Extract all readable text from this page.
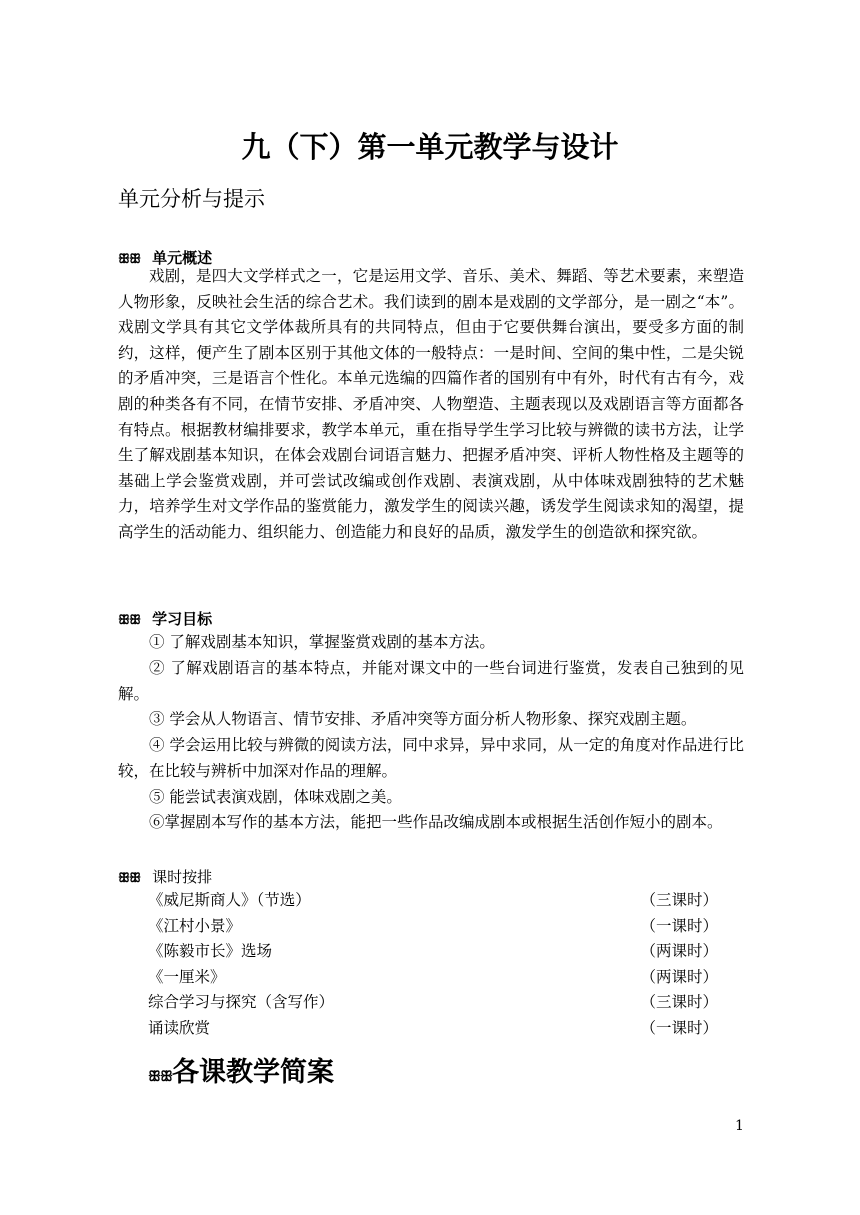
九（下）第一单元教学与设计
单元分析与提示
ꕥꕥ 单元概述
戏剧，是四大文学样式之一，它是运用文学、音乐、美术、舞蹈、等艺术要素，来塑造人物形象，反映社会生活的综合艺术。我们读到的剧本是戏剧的文学部分，是一剧之“本”。戏剧文学具有其它文学体裁所具有的共同特点，但由于它要供舞台演出，要受多方面的制约，这样，便产生了剧本区别于其他文体的一般特点：一是时间、空间的集中性，二是尖锐的矛盾冲突，三是语言个性化。本单元选编的四篇作者的国别有中有外，时代有古有今，戏剧的种类各有不同，在情节安排、矛盾冲突、人物塑造、主题表现以及戏剧语言等方面都各有特点。根据教材编排要求，教学本单元，重在指导学生学习比较与辨微的读书方法，让学生了解戏剧基本知识，在体会戏剧台词语言魅力、把握矛盾冲突、评析人物性格及主题等的基础上学会鉴赏戏剧，并可尝试改编或创作戏剧、表演戏剧，从中体味戏剧独特的艺术魅力，培养学生对文学作品的鉴赏能力，激发学生的阅读兴趣，诱发学生阅读求知的渴望，提高学生的活动能力、组织能力、创造能力和良好的品质，激发学生的创造欲和探究欲。
ꕥꕥ 学习目标
① 了解戏剧基本知识，掌握鉴赏戏剧的基本方法。
② 了解戏剧语言的基本特点，并能对课文中的一些台词进行鉴赏，发表自己独到的见解。
③ 学会从人物语言、情节安排、矛盾冲突等方面分析人物形象、探究戏剧主题。
④ 学会运用比较与辨微的阅读方法，同中求异，异中求同，从一定的角度对作品进行比较，在比较与辨析中加深对作品的理解。
⑤ 能尝试表演戏剧，体味戏剧之美。
⑥掌握剧本写作的基本方法，能把一些作品改编成剧本或根据生活创作短小的剧本。
ꕥꕥ 课时按排
《威尼斯商人》（节选）	（三课时）
《江村小景》	（一课时）
《陈毅市长》选场	（两课时）
《一厘米》	（两课时）
综合学习与探究（含写作）	（三课时）
诵读欣赏	（一课时）
ꕥꕥ各课教学简案
1
